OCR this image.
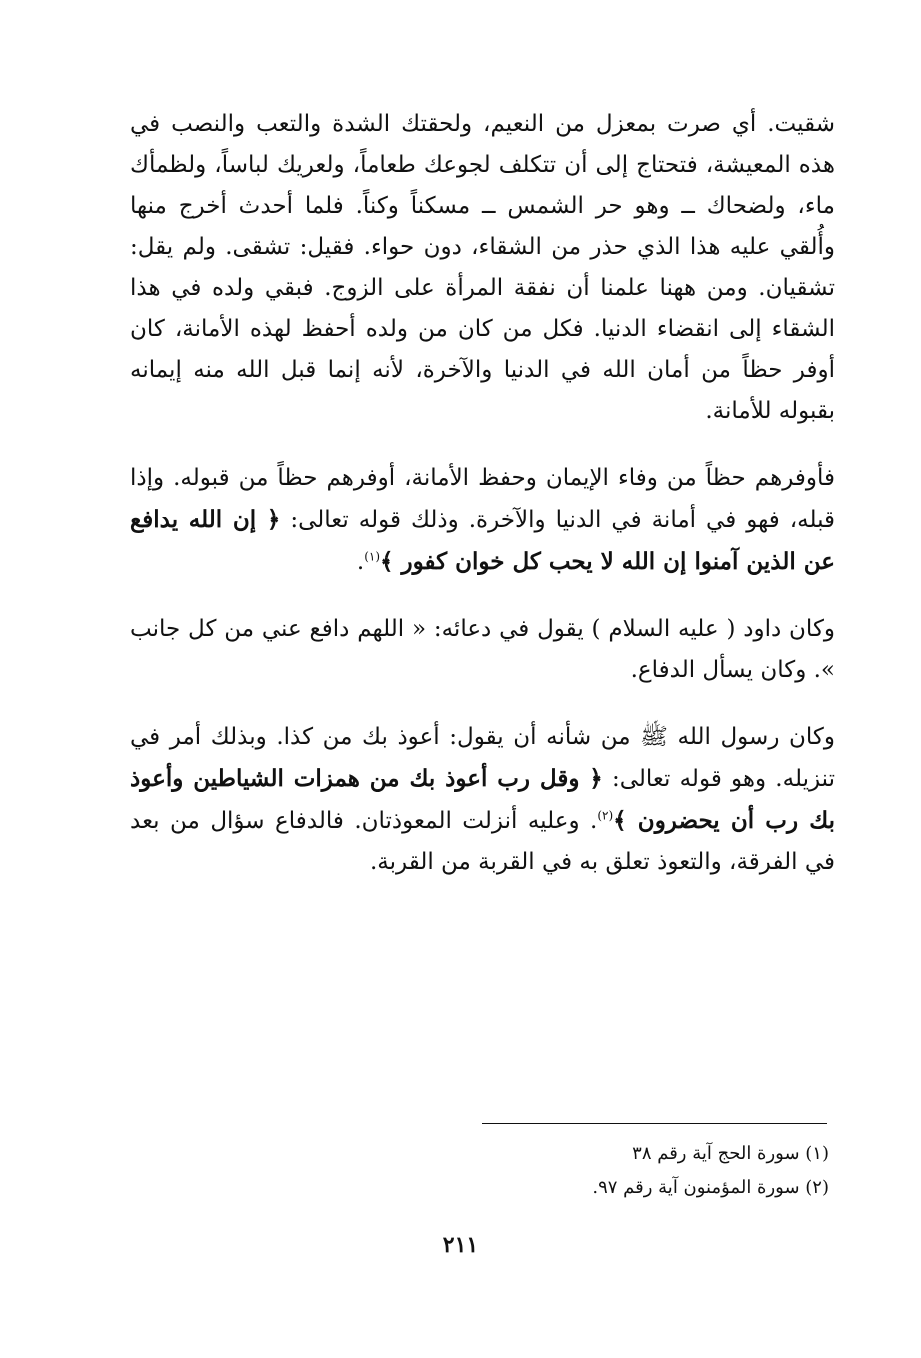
شقيت. أي صرت بمعزل من النعيم، ولحقتك الشدة والتعب والنصب في هذه المعيشة، فتحتاج إلى أن تتكلف لجوعك طعاماً، ولعريك لباساً، ولظمأك ماء، ولضحاك ــ وهو حر الشمس ــ مسكناً وكناً. فلما أحدث أخرج منها وأُلقي عليه هذا الذي حذر من الشقاء، دون حواء. فقيل: تشقى. ولم يقل: تشقيان. ومن ههنا علمنا أن نفقة المرأة على الزوج. فبقي ولده في هذا الشقاء إلى انقضاء الدنيا. فكل من كان من ولده أحفظ لهذه الأمانة، كان أوفر حظاً من أمان الله في الدنيا والآخرة، لأنه إنما قبل الله منه إيمانه بقبوله للأمانة.

فأوفرهم حظاً من وفاء الإيمان وحفظ الأمانة، أوفرهم حظاً من قبوله. وإذا قبله، فهو في أمانة في الدنيا والآخرة. وذلك قوله تعالى: ﴿ إن الله يدافع عن الذين آمنوا إن الله لا يحب كل خوان كفور ﴾$^{(١)}$.

وكان داود ( عليه السلام ) يقول في دعائه: « اللهم دافع عني من كل جانب ». وكان يسأل الدفاع.

وكان رسول الله ﷺ من شأنه أن يقول: أعوذ بك من كذا. وبذلك أمر في تنزيله. وهو قوله تعالى: ﴿ وقل رب أعوذ بك من همزات الشياطين وأعوذ بك رب أن يحضرون ﴾$^{(٢)}$. وعليه أنزلت المعوذتان. فالدفاع سؤال من بعد في الفرقة، والتعوذ تعلق به في القربة من القربة.

(١) سورة الحج آية رقم ٣٨

(٢) سورة المؤمنون آية رقم ٩٧.

٢١١
